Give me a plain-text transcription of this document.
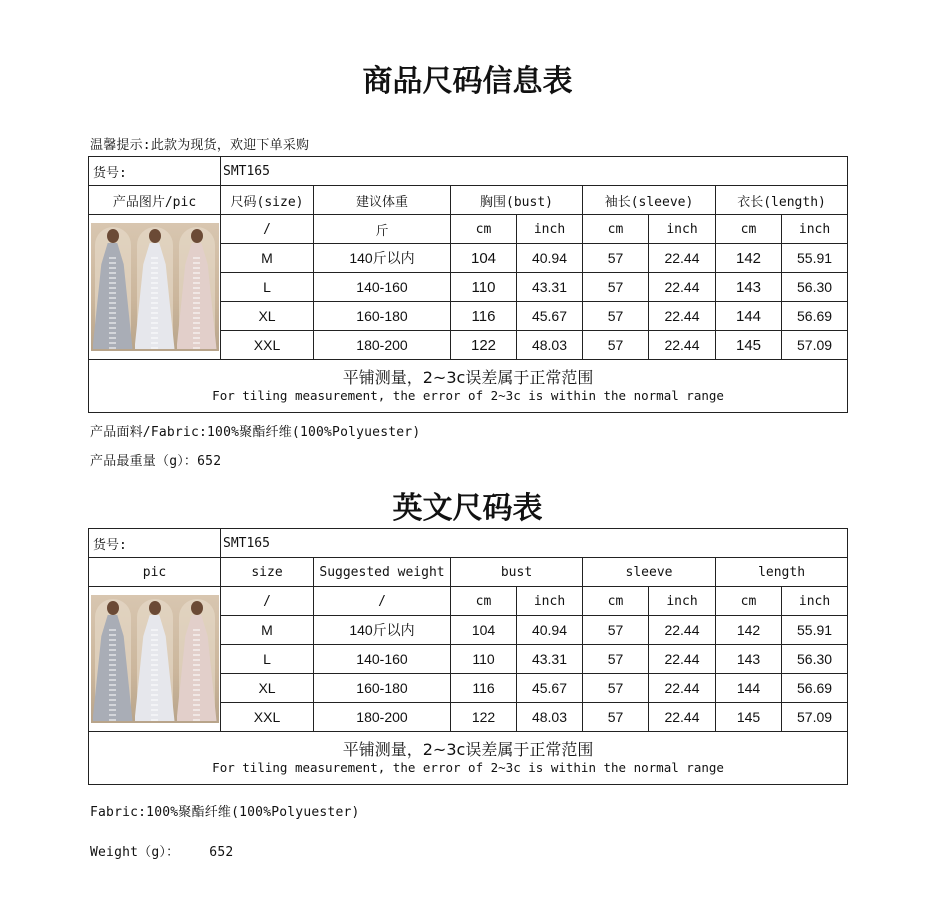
商品尺码信息表
温馨提示:此款为现货，欢迎下单采购
货号:	SMT165							
产品图片/pic	尺码(size)	建议体重	胸围(bust)		袖长(sleeve)		衣长(length)	

	/	斤	cm	inch	cm	inch	cm	inch
	M	140斤以内	104	40.94	57	22.44	142	55.91
	L	140-160	110	43.31	57	22.44	143	56.30
	XL	160-180	116	45.67	57	22.44	144	56.69
	XXL	180-200	122	48.03	57	22.44	145	57.09

平铺测量，2~3c误差属于正常范围
For tiling measurement, the error of 2~3c is within the normal range								
产品面料/Fabric:100%聚酯纤维(100%Polyuester)
产品最重量（g）：652
英文尺码表
货号:	SMT165							
pic	size	Suggested weight	bust		sleeve		length	

	/	/	cm	inch	cm	inch	cm	inch
	M	140斤以内	104	40.94	57	22.44	142	55.91
	L	140-160	110	43.31	57	22.44	143	56.30
	XL	160-180	116	45.67	57	22.44	144	56.69
	XXL	180-200	122	48.03	57	22.44	145	57.09

平铺测量，2~3c误差属于正常范围
For tiling measurement, the error of 2~3c is within the normal range								
Fabric:100%聚酯纤维(100%Polyuester)
Weight（g）： 652
